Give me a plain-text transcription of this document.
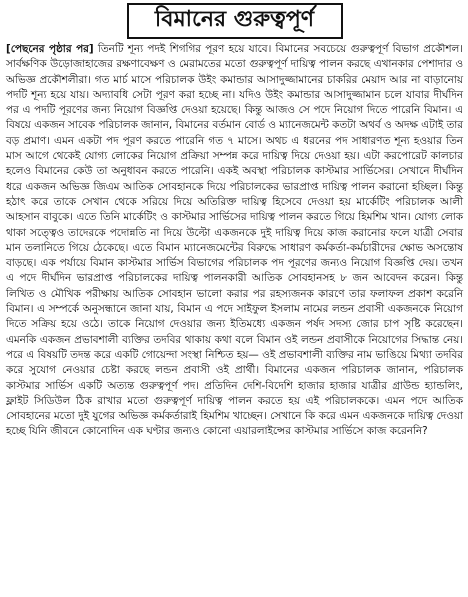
বিমানের গুরুত্বপূর্ণ

[পেছনের পৃষ্ঠার পর] তিনটি শূন্য পদই শিগগির পূরণ হয়ে যাবে। বিমানের সবচেয়ে গুরুত্বপূর্ণ বিভাগ প্রকৌশল। সার্বক্ষণিক উড়োজাহাজের রক্ষণাবেক্ষণ ও মেরামতের মতো গুরুত্বপূর্ণ দায়িত্ব পালন করছে এখানকার পেশাদার ও অভিজ্ঞ প্রকৌশলীরা। গত মার্চ মাসে পরিচালক উইং কমান্ডার আসাদুজ্জামানের চাকরির মেয়াদ আর না বাড়ানোয় পদটি শূন্য হয়ে যায়। অদ্যাবধি সেটা পূরণ করা হচ্ছে না। যদিও উইং কমান্ডার আসাদুজ্জামান চলে যাবার দীর্ঘদিন পর এ পদটি পূরণের জন্য নিয়োগ বিজ্ঞপ্তি দেওয়া হয়েছে। কিন্তু আজও সে পদে নিয়োগ দিতে পারেনি বিমান। এ বিষয়ে একজন সাবেক পরিচালক জানান, বিমানের বর্তমান বোর্ড ও ম্যানেজমেন্ট কতটা অথর্ব ও অদক্ষ এটাই তার বড় প্রমাণ। এমন একটা পদ পূরণ করতে পারেনি গত ৭ মাসে। অথচ এ ধরনের পদ সাধারণত শূন্য হওয়ার তিন মাস আগে থেকেই যোগ্য লোকের নিয়োগ প্রক্রিয়া সম্পন্ন করে দায়িত্ব দিয়ে দেওয়া হয়। এটা করপোরেট কালচার হলেও বিমানের কেউ তা অনুধাবন করতে পারেনি। একই অবস্থা পরিচালক কাস্টমার সার্ভিসের। সেখানে দীর্ঘদিন ধরে একজন অভিজ্ঞ জিএম আতিক সোবহানকে দিয়ে পরিচালকের ভারপ্রাপ্ত দায়িত্ব পালন করানো হচ্ছিল। কিন্তু হঠাৎ করে তাকে সেখান থেকে সরিয়ে দিয়ে অতিরিক্ত দায়িত্ব হিসেবে দেওয়া হয় মার্কেটিং পরিচালক আলী আহসান বাবুকে। এতে তিনি মার্কেটিং ও কাস্টমার সার্ভিসের দায়িত্ব পালন করতে গিয়ে হিমশিম খান। যোগ্য লোক থাকা সত্ত্বেও তাদেরকে পদোন্নতি না দিয়ে উল্টো একজনকে দুই দায়িত্ব দিয়ে কাজ করানোর ফলে যাত্রী সেবার মান তলানিতে গিয়ে ঠেকেছে। এতে বিমান ম্যানেজমেন্টের বিরুদ্ধে সাধারণ কর্মকর্তা-কর্মচারীদের ক্ষোভ অসন্তোষ বাড়ছে। এক পর্যায়ে বিমান কাস্টমার সার্ভিস বিভাগের পরিচালক পদ পূরণের জন্যও নিয়োগ বিজ্ঞপ্তি দেয়। তখন এ পদে দীর্ঘদিন ভারপ্রাপ্ত পরিচালকের দায়িত্ব পালনকারী আতিক সোবহানসহ ৮ জন আবেদন করেন। কিন্তু লিখিত ও মৌখিক পরীক্ষায় আতিক সোবহান ভালো করার পর রহস্যজনক কারণে তার ফলাফল প্রকাশ করেনি বিমান। এ সম্পর্কে অনুসন্ধানে জানা যায়, বিমান এ পদে সাইফুল ইসলাম নামের লন্ডন প্রবাসী একজনকে নিয়োগ দিতে সক্রিয় হয়ে ওঠে। তাকে নিয়োগ দেওয়ার জন্য ইতিমধ্যে একজন পর্ষদ সদস্য জোর চাপ সৃষ্টি করেছেন। এমনকি একজন প্রভাবশালী ব্যক্তির তদবির থাকায় কথা বলে বিমান ওই লন্ডন প্রবাসীকে নিয়োগের সিদ্ধান্ত নেয়। পরে এ বিষয়টি তদন্ত করে একটি গোয়েন্দা সংস্থা নিশ্চিত হয়— ওই প্রভাবশালী ব্যক্তির নাম ভাঙিয়ে মিথ্যা তদবির করে সুযোগ নেওয়ার চেষ্টা করছে লন্ডন প্রবাসী ওই প্রার্থী। বিমানের একজন পরিচালক জানান, পরিচালক কাস্টমার সার্ভিস একটি অত্যন্ত গুরুত্বপূর্ণ পদ। প্রতিদিন দেশি-বিদেশি হাজার হাজার যাত্রীর গ্রাউন্ড হ্যান্ডলিং, ফ্লাইট সিডিউল ঠিক রাখার মতো গুরুত্বপূর্ণ দায়িত্ব পালন করতে হয় এই পরিচালককে। এমন পদে আতিক সোবহানের মতো দুই যুগের অভিজ্ঞ কর্মকর্তারাই হিমশিম খাচ্ছেন। সেখানে কি করে এমন একজনকে দায়িত্ব দেওয়া হচ্ছে যিনি জীবনে কোনোদিন এক ঘণ্টার জন্যও কোনো এয়ারলাইন্সের কাস্টমার সার্ভিসে কাজ করেননি?
